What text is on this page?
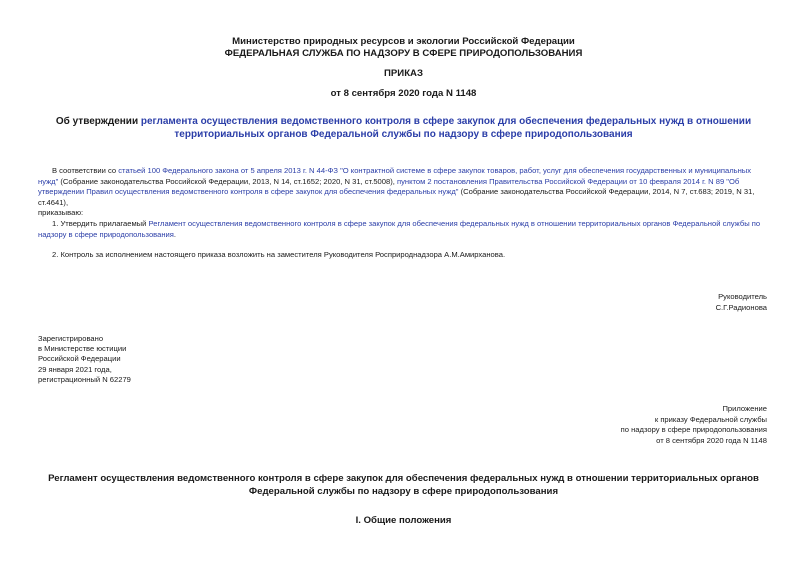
Министерство природных ресурсов и экологии Российской Федерации
ФЕДЕРАЛЬНАЯ СЛУЖБА ПО НАДЗОРУ В СФЕРЕ ПРИРОДОПОЛЬЗОВАНИЯ
ПРИКАЗ
от 8 сентября 2020 года N 1148
Об утверждении регламента осуществления ведомственного контроля в сфере закупок для обеспечения федеральных нужд в отношении территориальных органов Федеральной службы по надзору в сфере природопользования
В соответствии со статьей 100 Федерального закона от 5 апреля 2013 г. N 44-ФЗ "О контрактной системе в сфере закупок товаров, работ, услуг для обеспечения государственных и муниципальных нужд" (Собрание законодательства Российской Федерации, 2013, N 14, ст.1652; 2020, N 31, ст.5008), пунктом 2 постановления Правительства Российской Федерации от 10 февраля 2014 г. N 89 "Об утверждении Правил осуществления ведомственного контроля в сфере закупок для обеспечения федеральных нужд" (Собрание законодательства Российской Федерации, 2014, N 7, ст.683; 2019, N 31, ст.4641),
приказываю:
1. Утвердить прилагаемый Регламент осуществления ведомственного контроля в сфере закупок для обеспечения федеральных нужд в отношении территориальных органов Федеральной службы по надзору в сфере природопользования.
2. Контроль за исполнением настоящего приказа возложить на заместителя Руководителя Росприроднадзора А.М.Амирханова.

Руководитель

С.Г.Радионова

Зарегистрировано

в Министерстве юстиции

Российской Федерации

29 января 2021 года,

регистрационный N 62279

Приложение

к приказу Федеральной службы

по надзору в сфере природопользования

от 8 сентября 2020 года N 1148

Регламент осуществления ведомственного контроля в сфере закупок для обеспечения федеральных нужд в отношении территориальных органов Федеральной службы по надзору в сфере природопользования
I. Общие положения
